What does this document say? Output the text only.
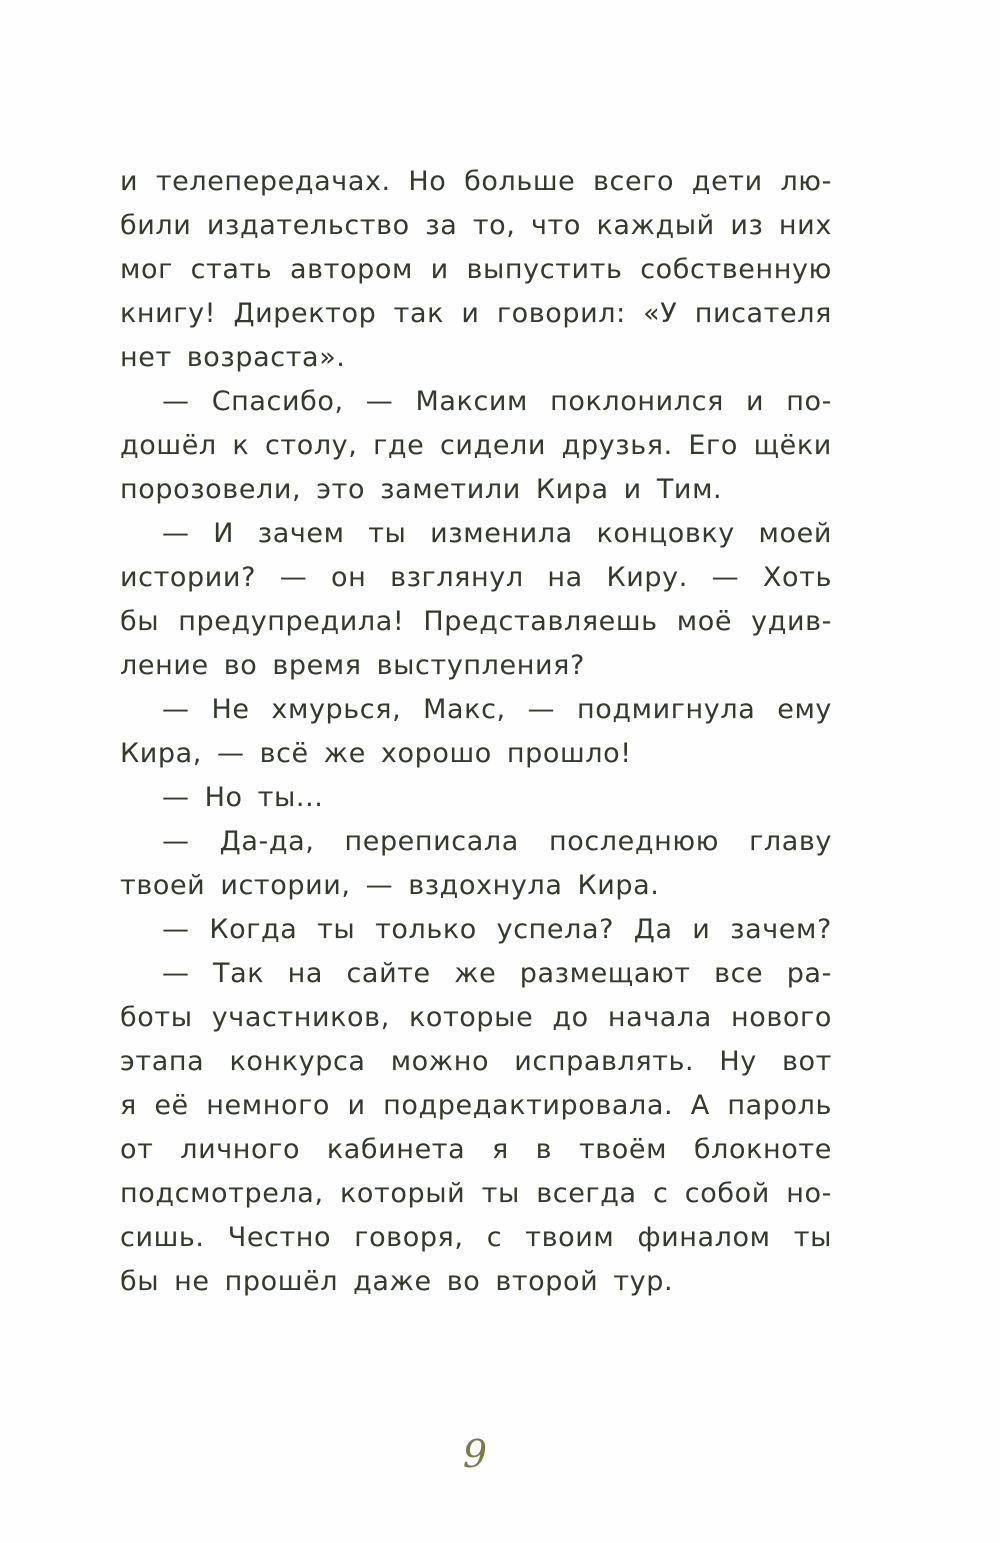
и телепередачах. Но больше всего дети лю-
били издательство за то, что каждый из них
мог стать автором и выпустить собственную
книгу! Директор так и говорил: «У писателя
нет возраста».
— Спасибо, — Максим поклонился и по-
дошёл к столу, где сидели друзья. Его щёки
порозовели, это заметили Кира и Тим.
— И зачем ты изменила концовку моей
истории? — он взглянул на Киру. — Хоть
бы предупредила! Представляешь моё удив-
ление во время выступления?
— Не хмурься, Макс, — подмигнула ему
Кира, — всё же хорошо прошло!
— Но ты...
— Да-да, переписала последнюю главу
твоей истории, — вздохнула Кира.
— Когда ты только успела? Да и зачем?
— Так на сайте же размещают все ра-
боты участников, которые до начала нового
этапа конкурса можно исправлять. Ну вот
я её немного и подредактировала. А пароль
от личного кабинета я в твоём блокноте
подсмотрела, который ты всегда с собой но-
сишь. Честно говоря, с твоим финалом ты
бы не прошёл даже во второй тур.
9
